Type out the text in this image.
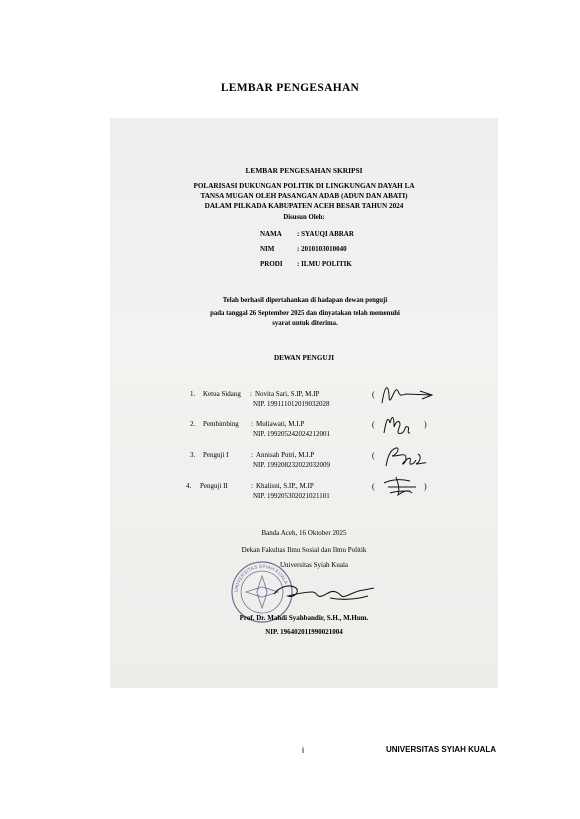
LEMBAR PENGESAHAN
LEMBAR PENGESAHAN SKRIPSI
POLARISASI DUKUNGAN POLITIK DI LINGKUNGAN DAYAH LA
TANSA MUGAN OLEH PASANGAN ADAB (ADUN DAN ABATI)
DALAM PILKADA KABUPATEN ACEH BESAR TAHUN 2024
Disusun Oleh:
NAMA : SYAUQI ABRAR
NIM	: 2010103010040
PRODI : ILMU POLITIK
Telah berhasil dipertahankan di hadapan dewan penguji
pada tanggal 26 September 2025 dan dinyatakan telah memenuhi
syarat untuk diterima.
DEWAN PENGUJI
1. Ketua Sidang : Novita Sari, S.IP, M.IP
NIP. 199111012019032028
(
2. Pembimbing : Muliawati, M.I.P
NIP. 199205242024212001
(	)
3. Penguji I	: Annisah Putri, M.I.P
NIP. 199208232022032009
(
4. Penguji II	: Khalisni, S.IP., M.IP
NIP. 199205302021021101
(	)
Banda Aceh, 16 Oktober 2025
Dekan Fakultas Ilmu Sosial dan Ilmu Politik
Universitas Syiah Kuala
UNIVERSITAS SYIAH KUALA
Prof. Dr. Mahdi Syahbandir, S.H., M.Hum.
NIP. 196402011990021004
i	UNIVERSITAS SYIAH KUALA
